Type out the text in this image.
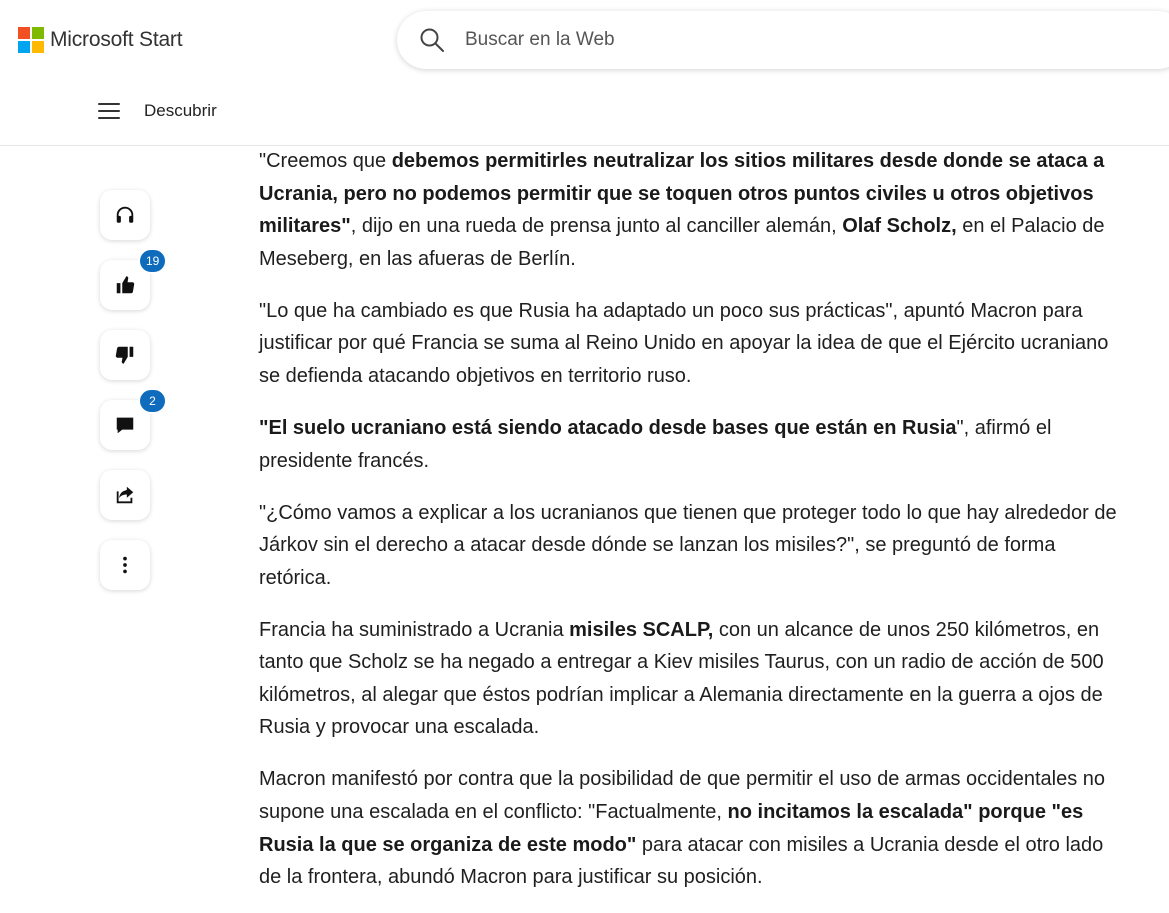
Microsoft Start
Buscar en la Web
Descubrir
19
2

"Creemos que debemos permitirles neutralizar los sitios militares desde donde se ataca a Ucrania, pero no podemos permitir que se toquen otros puntos civiles u otros objetivos militares", dijo en una rueda de prensa junto al canciller alemán, Olaf Scholz, en el Palacio de Meseberg, en las afueras de Berlín.

"Lo que ha cambiado es que Rusia ha adaptado un poco sus prácticas", apuntó Macron para justificar por qué Francia se suma al Reino Unido en apoyar la idea de que el Ejército ucraniano se defienda atacando objetivos en territorio ruso.

"El suelo ucraniano está siendo atacado desde bases que están en Rusia", afirmó el presidente francés.

"¿Cómo vamos a explicar a los ucranianos que tienen que proteger todo lo que hay alrededor de Járkov sin el derecho a atacar desde dónde se lanzan los misiles?", se preguntó de forma retórica.

Francia ha suministrado a Ucrania misiles SCALP, con un alcance de unos 250 kilómetros, en tanto que Scholz se ha negado a entregar a Kiev misiles Taurus, con un radio de acción de 500 kilómetros, al alegar que éstos podrían implicar a Alemania directamente en la guerra a ojos de Rusia y provocar una escalada.

Macron manifestó por contra que la posibilidad de que permitir el uso de armas occidentales no supone una escalada en el conflicto: "Factualmente, no incitamos la escalada" porque "es Rusia la que se organiza de este modo" para atacar con misiles a Ucrania desde el otro lado de la frontera, abundó Macron para justificar su posición.
